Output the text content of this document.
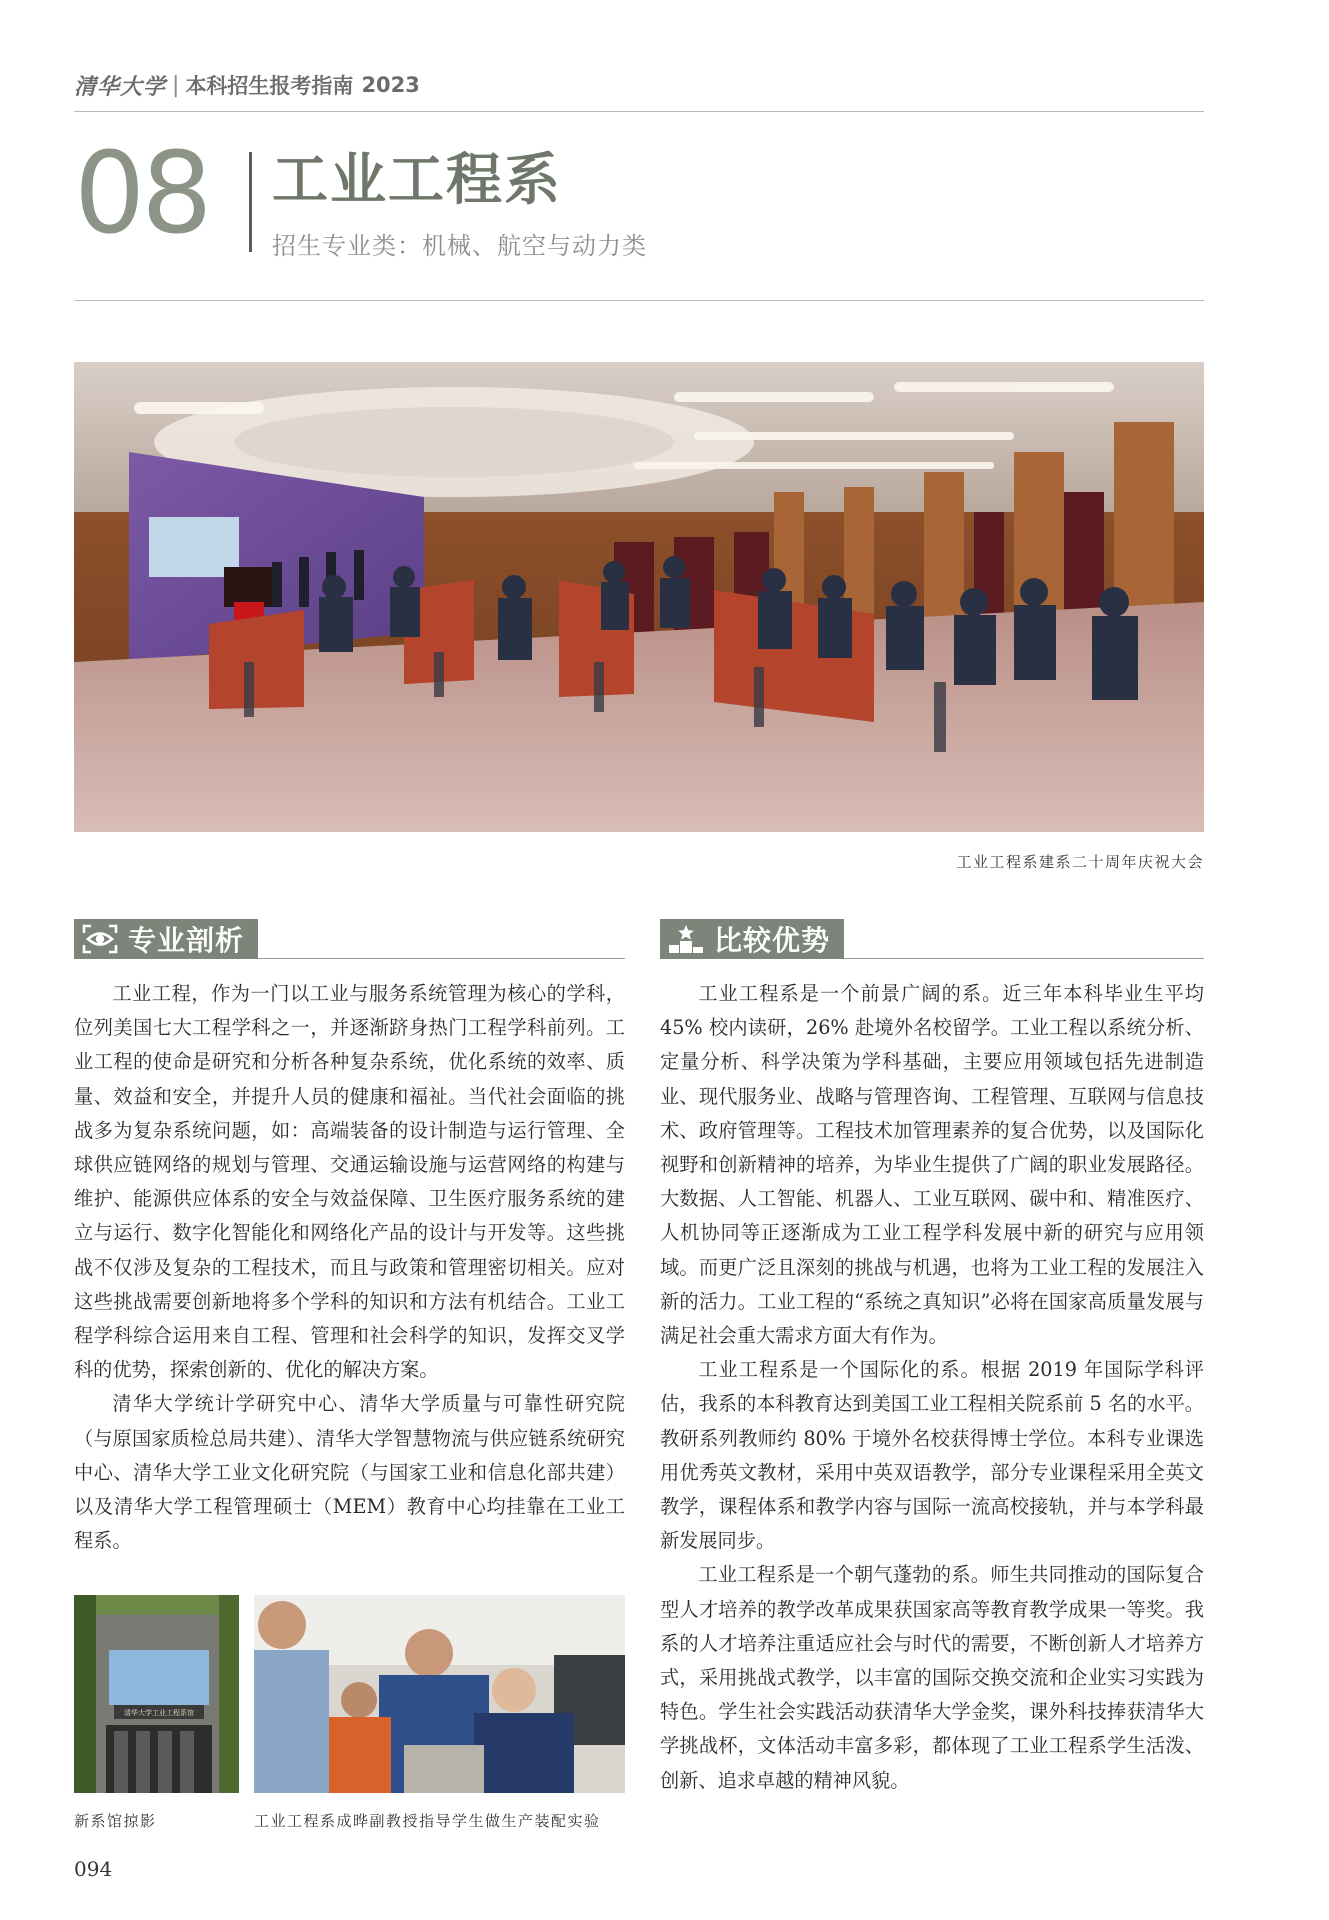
清华大学 | 本科招生报考指南 2023
08 工业工程系
招生专业类：机械、航空与动力类
工业工程系建系二十周年庆祝大会
专业剖析

工业工程，作为一门以工业与服务系统管理为核心的学科，位列美国七大工程学科之一，并逐渐跻身热门工程学科前列。工业工程的使命是研究和分析各种复杂系统，优化系统的效率、质量、效益和安全，并提升人员的健康和福祉。当代社会面临的挑战多为复杂系统问题，如：高端装备的设计制造与运行管理、全球供应链网络的规划与管理、交通运输设施与运营网络的构建与维护、能源供应体系的安全与效益保障、卫生医疗服务系统的建立与运行、数字化智能化和网络化产品的设计与开发等。这些挑战不仅涉及复杂的工程技术，而且与政策和管理密切相关。应对这些挑战需要创新地将多个学科的知识和方法有机结合。工业工程学科综合运用来自工程、管理和社会科学的知识，发挥交叉学科的优势，探索创新的、优化的解决方案。

清华大学统计学研究中心、清华大学质量与可靠性研究院（与原国家质检总局共建）、清华大学智慧物流与供应链系统研究中心、清华大学工业文化研究院（与国家工业和信息化部共建）以及清华大学工程管理硕士（MEM）教育中心均挂靠在工业工程系。

清华大学工业工程系馆
新系馆掠影	工业工程系成晔副教授指导学生做生产装配实验
比较优势

工业工程系是一个前景广阔的系。近三年本科毕业生平均 45% 校内读研，26% 赴境外名校留学。工业工程以系统分析、定量分析、科学决策为学科基础，主要应用领域包括先进制造业、现代服务业、战略与管理咨询、工程管理、互联网与信息技术、政府管理等。工程技术加管理素养的复合优势，以及国际化视野和创新精神的培养，为毕业生提供了广阔的职业发展路径。大数据、人工智能、机器人、工业互联网、碳中和、精准医疗、人机协同等正逐渐成为工业工程学科发展中新的研究与应用领域。而更广泛且深刻的挑战与机遇，也将为工业工程的发展注入新的活力。工业工程的“系统之真知识”必将在国家高质量发展与满足社会重大需求方面大有作为。

工业工程系是一个国际化的系。根据 2019 年国际学科评估，我系的本科教育达到美国工业工程相关院系前 5 名的水平。教研系列教师约 80% 于境外名校获得博士学位。本科专业课选用优秀英文教材，采用中英双语教学，部分专业课程采用全英文教学，课程体系和教学内容与国际一流高校接轨，并与本学科最新发展同步。

工业工程系是一个朝气蓬勃的系。师生共同推动的国际复合型人才培养的教学改革成果获国家高等教育教学成果一等奖。我系的人才培养注重适应社会与时代的需要，不断创新人才培养方式，采用挑战式教学，以丰富的国际交换交流和企业实习实践为特色。学生社会实践活动获清华大学金奖，课外科技捧获清华大学挑战杯，文体活动丰富多彩，都体现了工业工程系学生活泼、创新、追求卓越的精神风貌。

094
